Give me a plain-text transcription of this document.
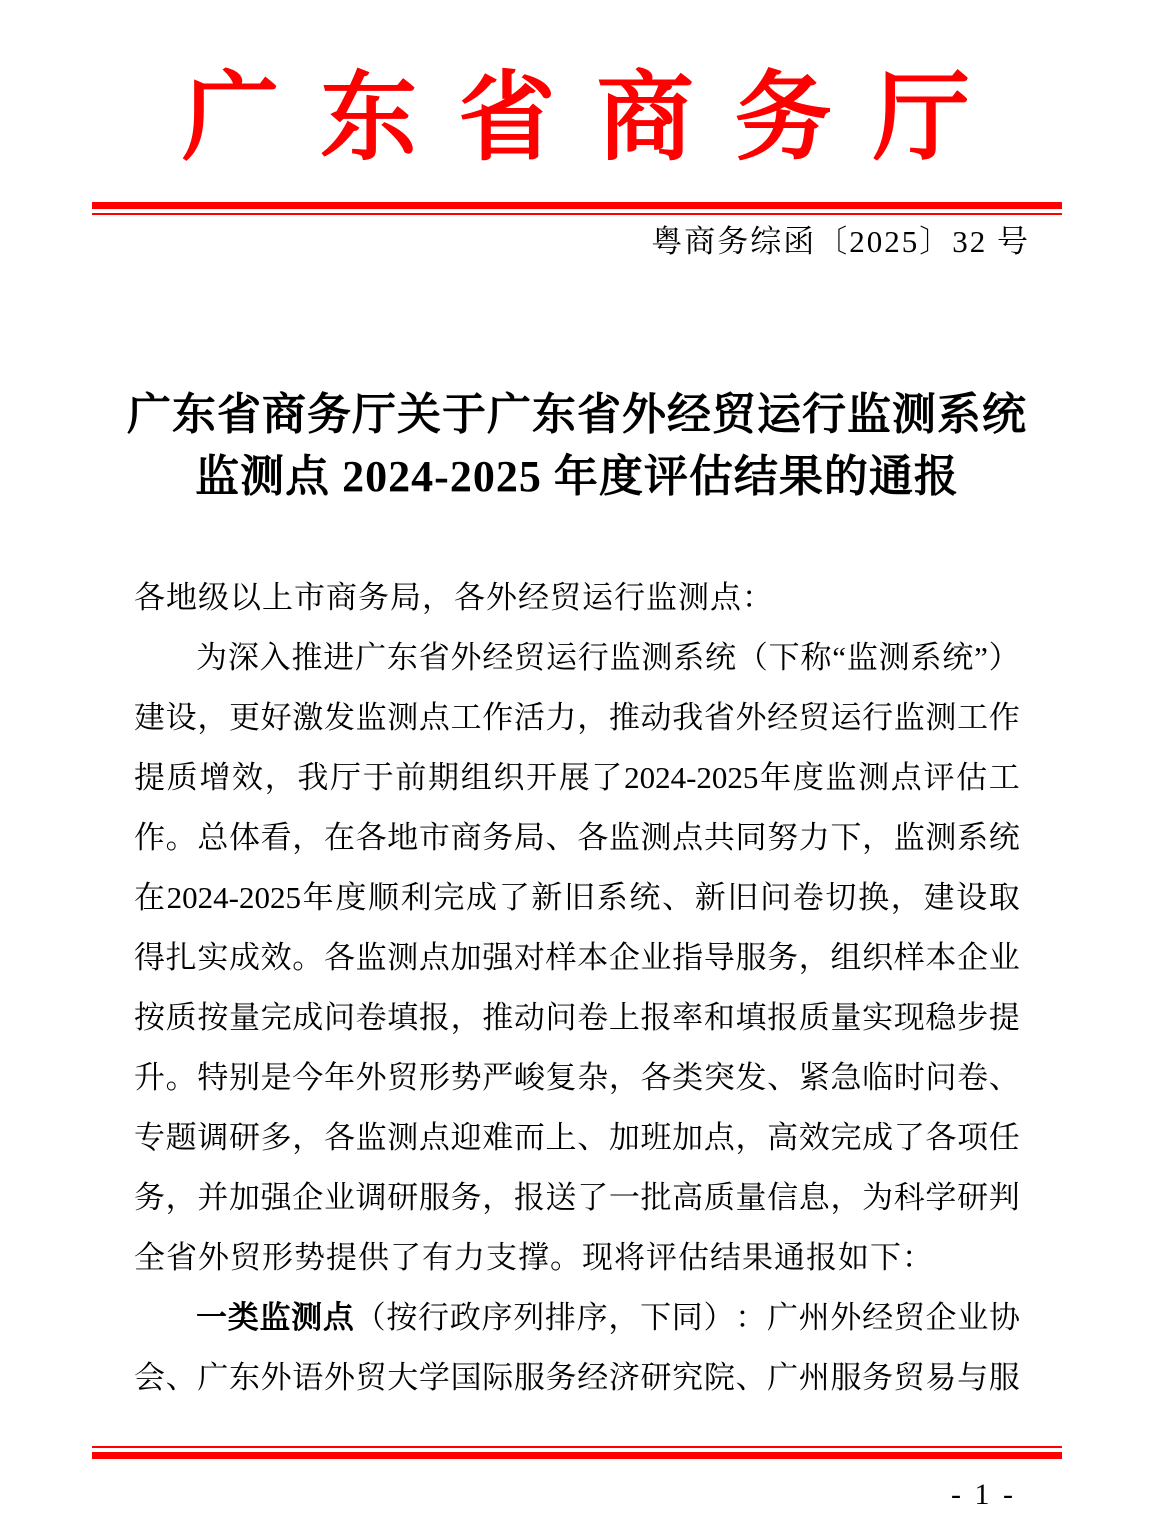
广 东 省 商 务 厅
粤商务综函〔2025〕32 号
广东省商务厅关于广东省外经贸运行监测系统
监测点 2024-2025 年度评估结果的通报
各地级以上市商务局，各外经贸运行监测点：
为 深 入 推 进 广 东 省 外 经 贸 运 行 监 测 系 统 （ 下 称 “ 监 测 系 统 ” ）
建 设 ， 更 好 激 发 监 测 点 工 作 活 力 ， 推 动 我 省 外 经 贸 运 行 监 测 工 作
提 质 增 效 ， 我 厅 于 前 期 组 织 开 展 了 2024-2025 年 度 监 测 点 评 估 工
作 。 总 体 看 ， 在 各 地 市 商 务 局 、 各 监 测 点 共 同 努 力 下 ， 监 测 系 统
在 2024-2025 年 度 顺 利 完 成 了 新 旧 系 统 、 新 旧 问 卷 切 换 ， 建 设 取
得 扎 实 成 效 。 各 监 测 点 加 强 对 样 本 企 业 指 导 服 务 ， 组 织 样 本 企 业
按 质 按 量 完 成 问 卷 填 报 ， 推 动 问 卷 上 报 率 和 填 报 质 量 实 现 稳 步 提
升 。 特 别 是 今 年 外 贸 形 势 严 峻 复 杂 ， 各 类 突 发 、 紧 急 临 时 问 卷 、
专 题 调 研 多 ， 各 监 测 点 迎 难 而 上 、 加 班 加 点 ， 高 效 完 成 了 各 项 任
务 ， 并 加 强 企 业 调 研 服 务 ， 报 送 了 一 批 高 质 量 信 息 ， 为 科 学 研 判
全省外贸形势提供了有力支撑。现将评估结果通报如下：
一 类 监 测 点 （ 按 行 政 序 列 排 序 ， 下 同 ） ： 广 州 外 经 贸 企 业 协
会 、 广 东 外 语 外 贸 大 学 国 际 服 务 经 济 研 究 院 、 广 州 服 务 贸 易 与 服
- 1 -
